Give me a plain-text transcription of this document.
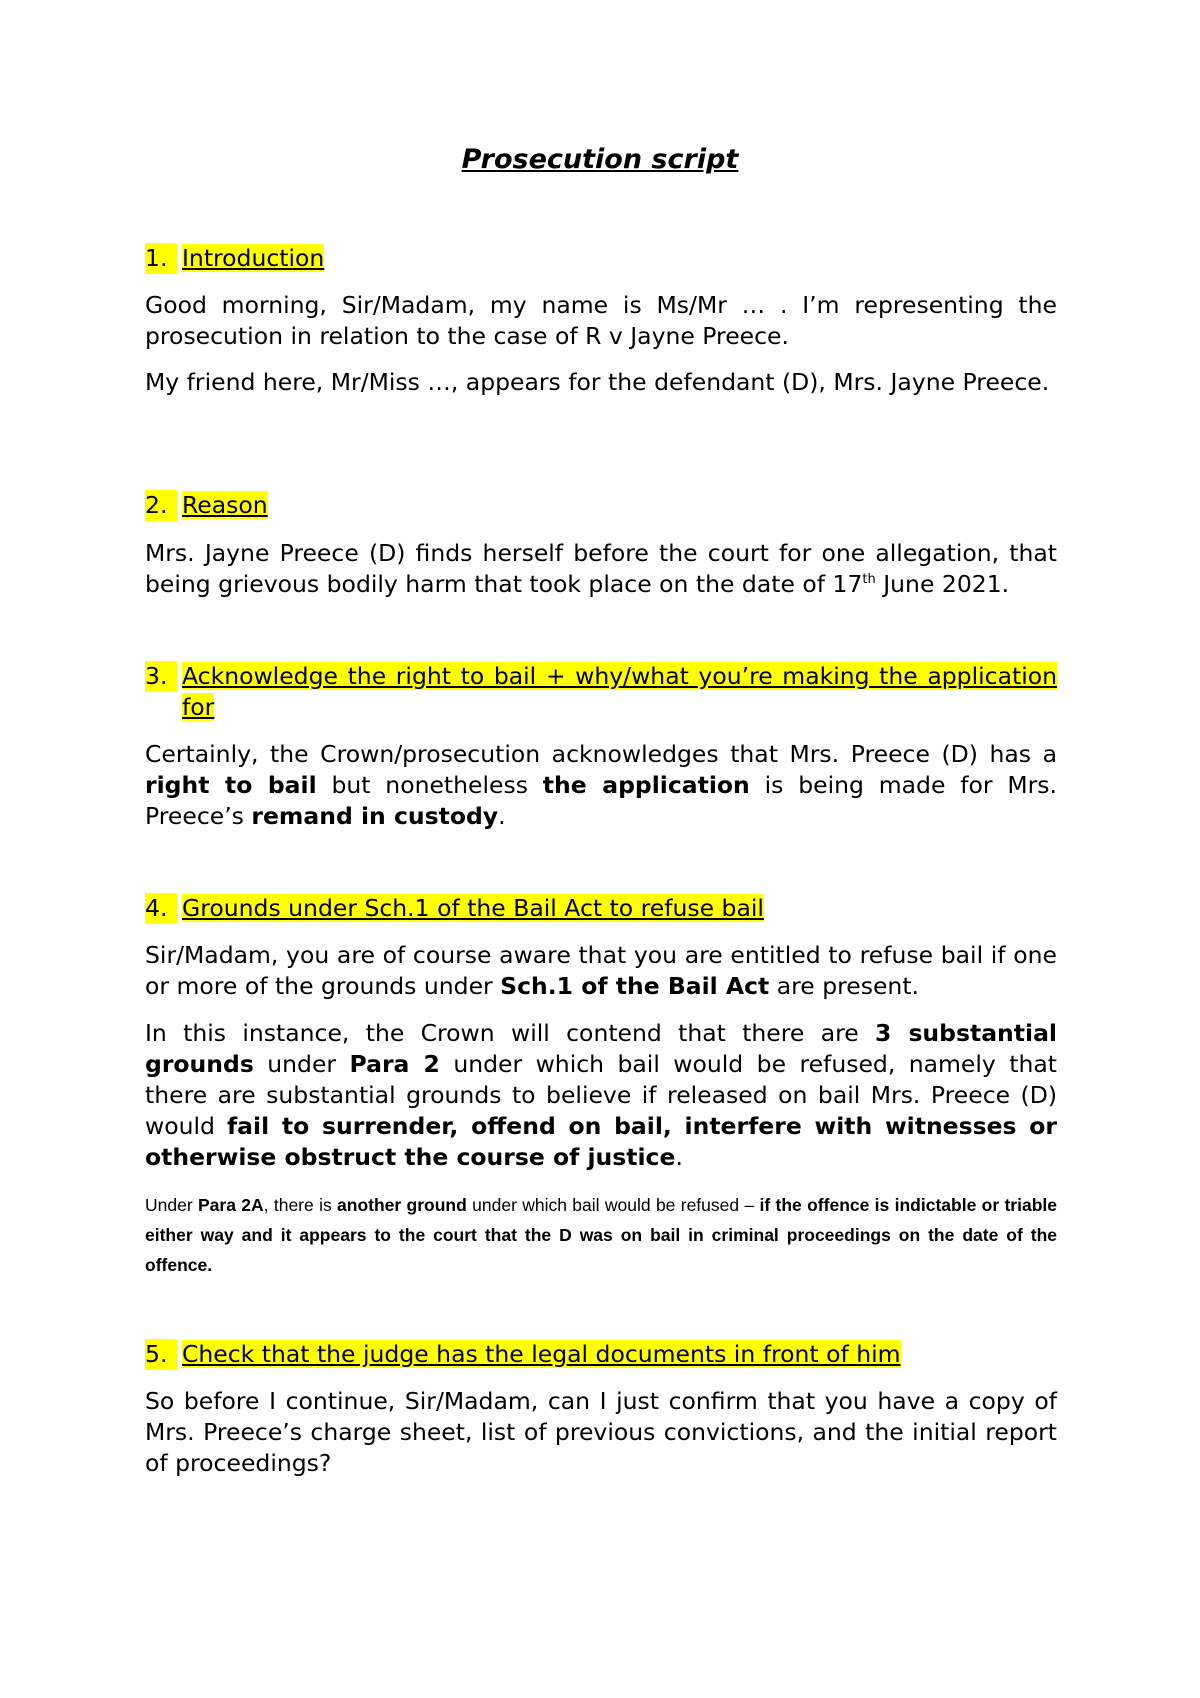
Prosecution script
1. Introduction
Good morning, Sir/Madam, my name is Ms/Mr … . I’m representing the prosecution in relation to the case of R v Jayne Preece.
My friend here, Mr/Miss …, appears for the defendant (D), Mrs. Jayne Preece.
2. Reason
Mrs. Jayne Preece (D) finds herself before the court for one allegation, that being grievous bodily harm that took place on the date of 17th June 2021.
3. Acknowledge the right to bail + why/what you’re making the application for
Certainly, the Crown/prosecution acknowledges that Mrs. Preece (D) has a right to bail but nonetheless the application is being made for Mrs. Preece’s remand in custody.
4. Grounds under Sch.1 of the Bail Act to refuse bail
Sir/Madam, you are of course aware that you are entitled to refuse bail if one or more of the grounds under Sch.1 of the Bail Act are present.
In this instance, the Crown will contend that there are 3 substantial grounds under Para 2 under which bail would be refused, namely that there are substantial grounds to believe if released on bail Mrs. Preece (D) would fail to surrender, offend on bail, interfere with witnesses or otherwise obstruct the course of justice.
Under Para 2A, there is another ground under which bail would be refused – if the offence is indictable or triable either way and it appears to the court that the D was on bail in criminal proceedings on the date of the offence.
5. Check that the judge has the legal documents in front of him
So before I continue, Sir/Madam, can I just confirm that you have a copy of Mrs. Preece’s charge sheet, list of previous convictions, and the initial report of proceedings?
